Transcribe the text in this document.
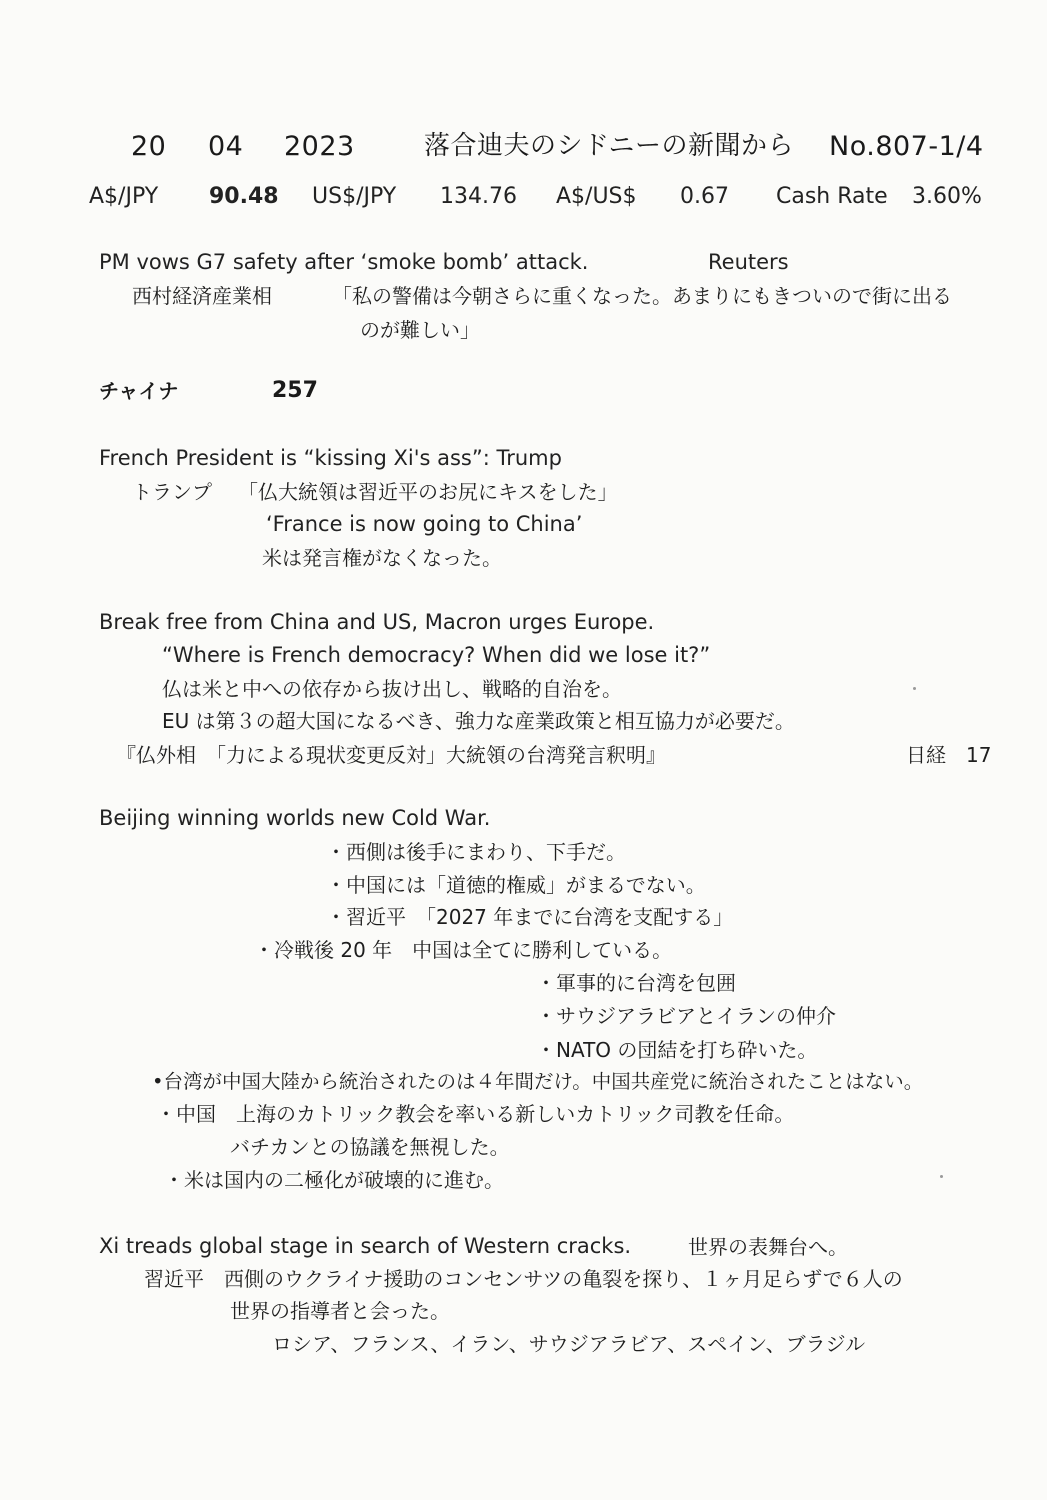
20 04 2023	落合迪夫のシドニーの新聞から No.807-1/4
A$/JPY 90.48 US$/JPY 134.76 A$/US$ 0.67 Cash Rate 3.60%
PM vows G7 safety after ‘smoke bomb’ attack.	Reuters
西村経済産業相	「私の警備は今朝さらに重くなった。あまりにもきついので街に出る
のが難しい」
チャイナ	257
French President is “kissing Xi's ass”: Trump
トランプ 「仏大統領は習近平のお尻にキスをした」
‘France is now going to China’
米は発言権がなくなった。
Break free from China and US, Macron urges Europe.
“Where is French democracy? When did we lose it?”
仏は米と中への依存から抜け出し、戦略的自治を。
EU は第３の超大国になるべき、強力な産業政策と相互協力が必要だ。
『仏外相　「力による現状変更反対」大統領の台湾発言釈明』	日経　17
Beijing winning worlds new Cold War.
・西側は後手にまわり、下手だ。
・中国には「道徳的権威」がまるでない。
・習近平　「2027 年までに台湾を支配する」
・冷戦後 20 年　中国は全てに勝利している。
・軍事的に台湾を包囲
・サウジアラビアとイランの仲介
・NATO の団結を打ち砕いた。
•台湾が中国大陸から統治されたのは４年間だけ。中国共産党に統治されたことはない。
・中国　上海のカトリック教会を率いる新しいカトリック司教を任命。
バチカンとの協議を無視した。
・米は国内の二極化が破壊的に進む。
Xi treads global stage in search of Western cracks.	世界の表舞台へ。
習近平　西側のウクライナ援助のコンセンサツの亀裂を探り、１ヶ月足らずで６人の
世界の指導者と会った。
ロシア、フランス、イラン、サウジアラビア、スペイン、ブラジル
